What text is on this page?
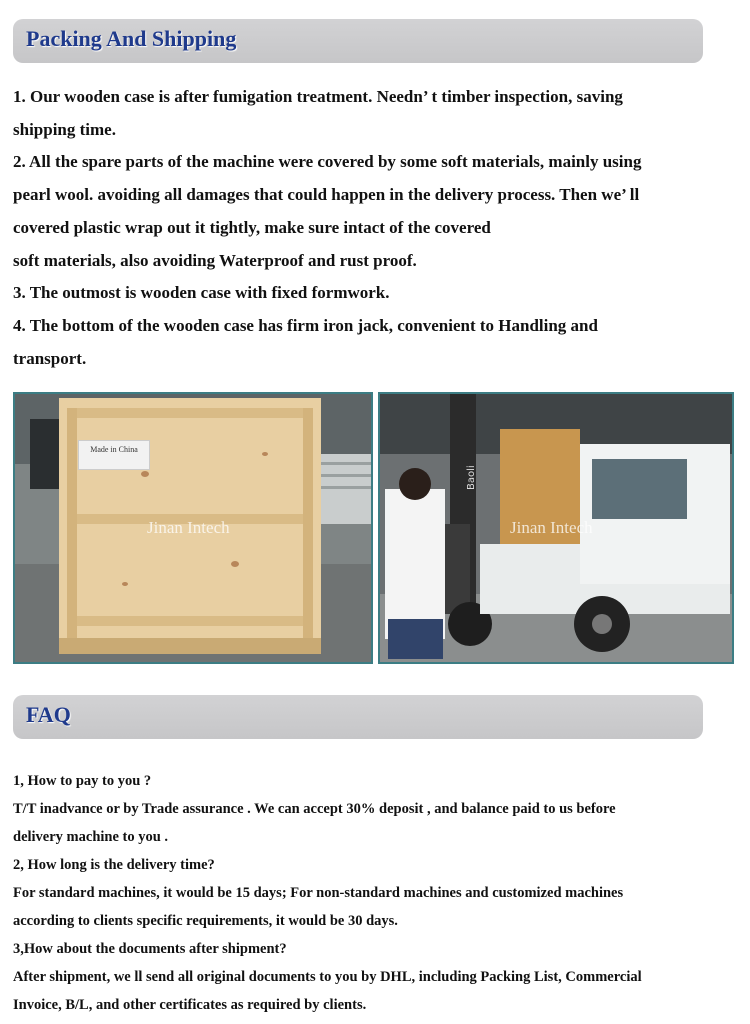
Packing And Shipping

1. Our wooden case is after fumigation treatment. Needn’ t timber inspection, saving

shipping time.

2. All the spare parts of the machine were covered by some soft materials, mainly using

pearl wool. avoiding all damages that could happen in the delivery process. Then we’ ll

covered plastic wrap out it tightly, make sure intact of the covered

soft materials, also avoiding Waterproof and rust proof.

3. The outmost is wooden case with fixed formwork.

4. The bottom of the wooden case has firm iron jack, convenient to Handling and

transport.

Made in China
Jinan Intech	Jinan Intech
Baoli
FAQ

1, How to pay to you ?

T/T inadvance or by Trade assurance . We can accept 30% deposit , and balance paid to us before

delivery machine to you .

2, How long is the delivery time?

For standard machines, it would be 15 days; For non-standard machines and customized machines

according to clients specific requirements, it would be 30 days.

3,How about the documents after shipment?

After shipment, we ll send all original documents to you by DHL, including Packing List, Commercial

Invoice, B/L, and other certificates as required by clients.
